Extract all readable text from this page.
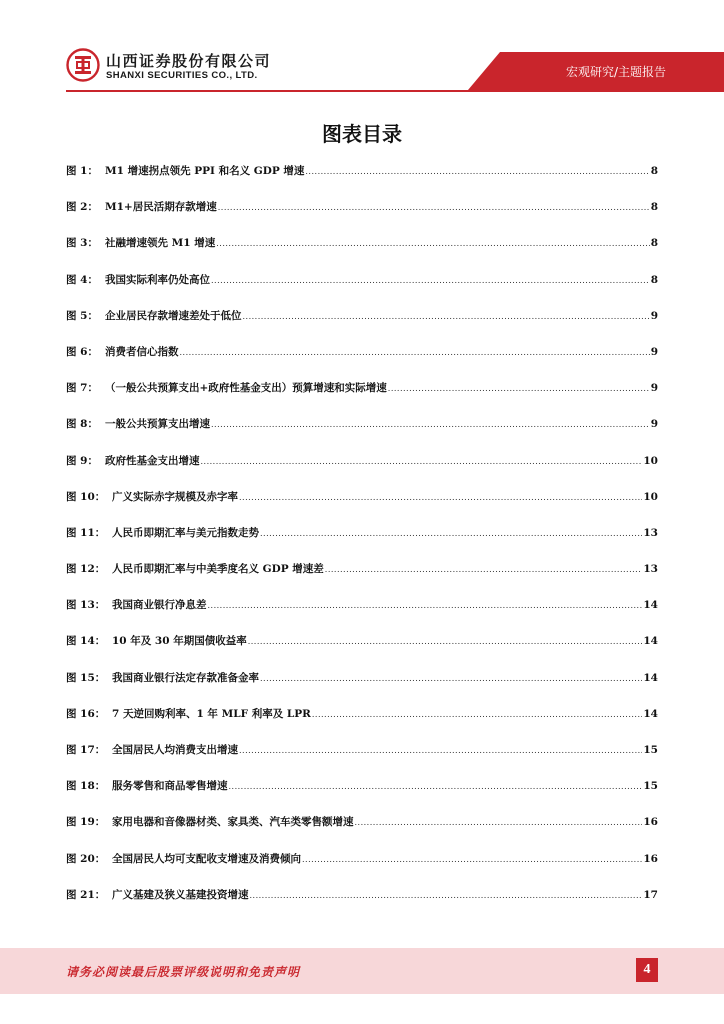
山西证券股份有限公司
SHANXI SECURITIES CO., LTD.	宏观研究/主题报告
图表目录
图 1： M1 增速拐点领先 PPI 和名义 GDP 增速 .....	8
图 2： M1+居民活期存款增速 .....	8
图 3： 社融增速领先 M1 增速 .....	8
图 4： 我国实际利率仍处高位 .....	8
图 5： 企业居民存款增速差处于低位 .....	9
图 6： 消费者信心指数 .....	9
图 7： （一般公共预算支出+政府性基金支出）预算增速和实际增速 .....	9
图 8： 一般公共预算支出增速 .....	9
图 9： 政府性基金支出增速 .....	10
图 10： 广义实际赤字规模及赤字率 .....	10
图 11： 人民币即期汇率与美元指数走势 .....	13
图 12： 人民币即期汇率与中美季度名义 GDP 增速差 .....	13
图 13： 我国商业银行净息差 .....	14
图 14： 10 年及 30 年期国债收益率 .....	14
图 15： 我国商业银行法定存款准备金率 .....	14
图 16： 7 天逆回购利率、1 年 MLF 利率及 LPR .....	14
图 17： 全国居民人均消费支出增速 .....	15
图 18： 服务零售和商品零售增速 .....	15
图 19： 家用电器和音像器材类、家具类、汽车类零售额增速 .....	16
图 20： 全国居民人均可支配收支增速及消费倾向 .....	16
图 21： 广义基建及狭义基建投资增速 .....	17
请务必阅读最后股票评级说明和免责声明	4
